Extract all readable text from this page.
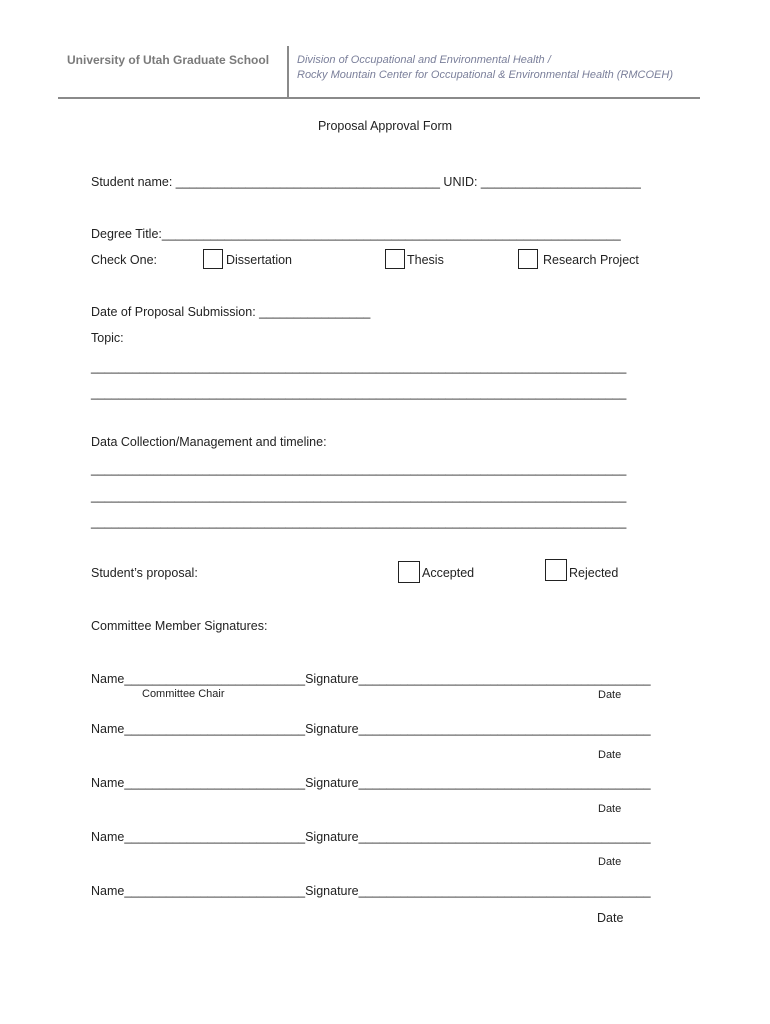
University of Utah Graduate School	Division of Occupational and Environmental Health /
Rocky Mountain Center for Occupational & Environmental Health (RMCOEH)
Proposal Approval Form
Student name: ______________________________________ UNID: _______________________
Degree Title:__________________________________________________________________
Check One:	Dissertation	Thesis	Research Project
Date of Proposal Submission: ________________
Topic:
_____________________________________________________________________________
_____________________________________________________________________________
Data Collection/Management and timeline:
_____________________________________________________________________________
_____________________________________________________________________________
_____________________________________________________________________________
Student’s proposal:	Accepted	Rejected
Committee Member Signatures:
Name__________________________Signature__________________________________________
Committee Chair	Date
Name__________________________Signature__________________________________________
Date
Name__________________________Signature__________________________________________
Date
Name__________________________Signature__________________________________________
Date
Name__________________________Signature__________________________________________
Date
